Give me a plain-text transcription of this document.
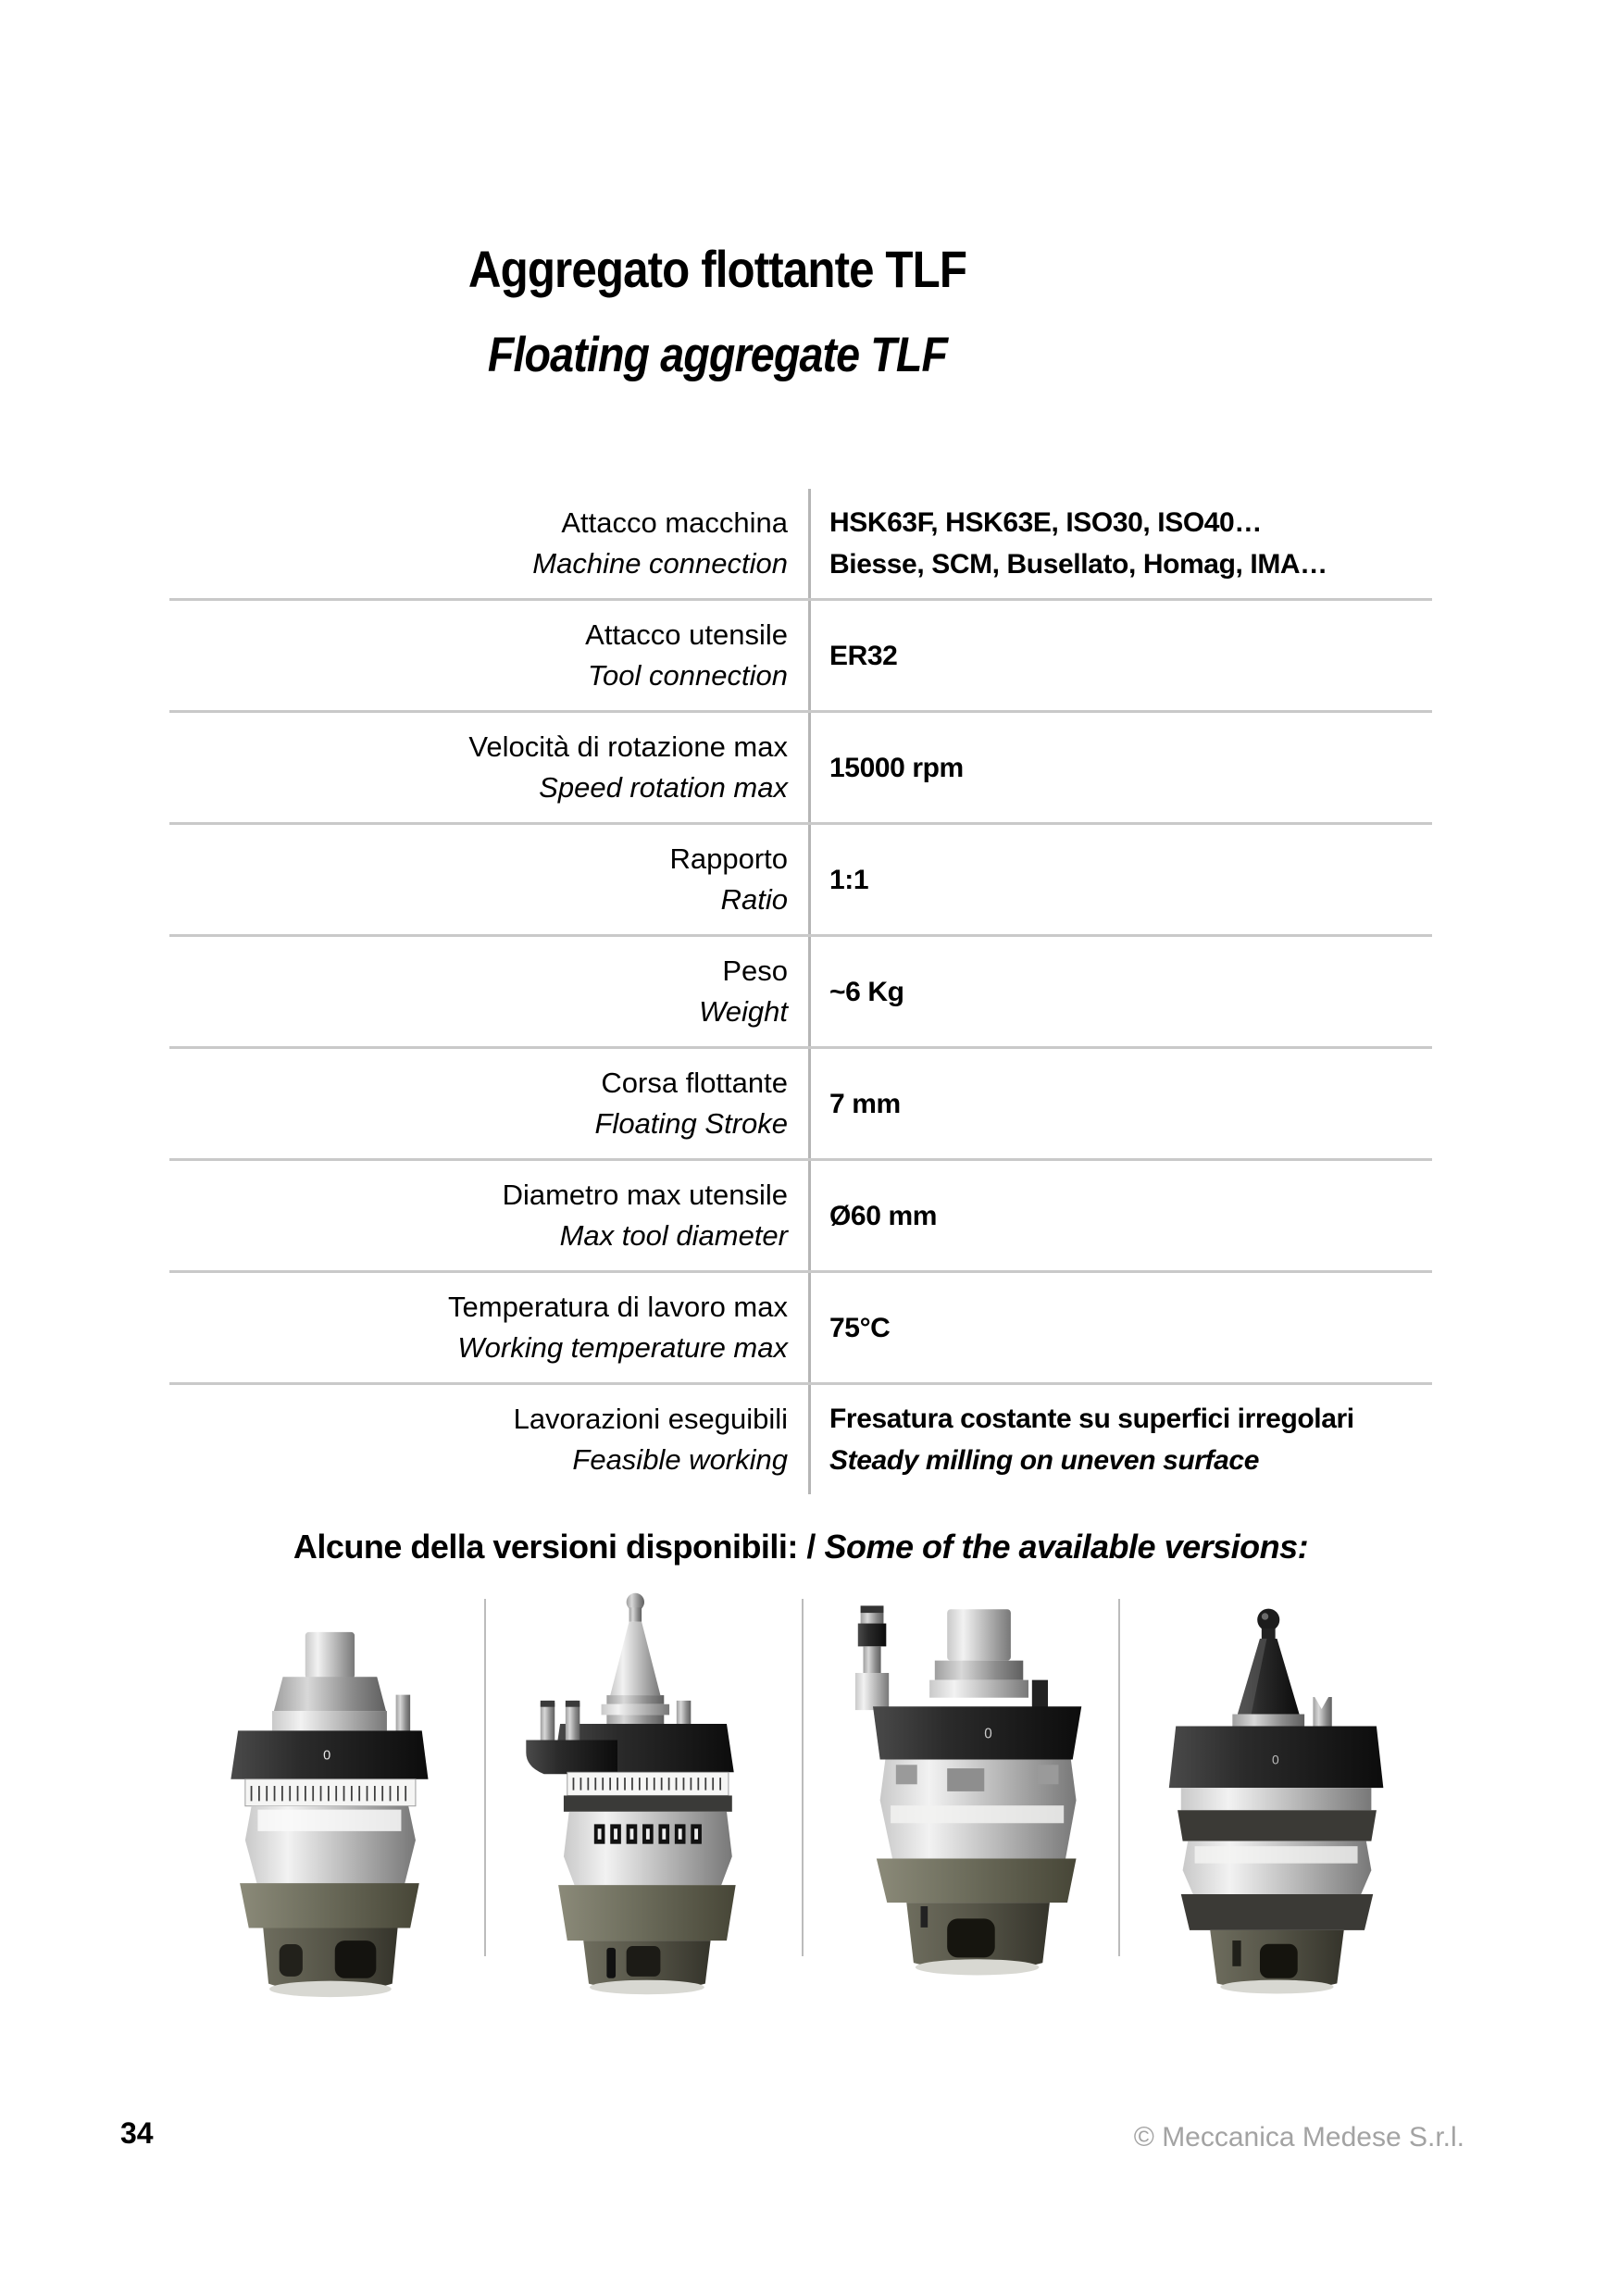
Aggregato flottante TLF
Floating aggregate TLF
Attacco macchina
Machine connection
HSK63F, HSK63E, ISO30, ISO40…
Biesse, SCM, Busellato, Homag, IMA…
Attacco utensile
Tool connection
ER32
Velocità di rotazione max
Speed rotation max
15000 rpm
Rapporto
Ratio
1:1
Peso
Weight
~6 Kg
Corsa flottante
Floating Stroke
7 mm
Diametro max utensile
Max tool diameter
Ø60 mm
Temperatura di lavoro max
Working temperature max
75°C
Lavorazioni eseguibili
Feasible working
Fresatura costante su superfici irregolari
Steady milling on uneven surface
Alcune della versioni disponibili: / Some of the available versions:
0
0
0
34	© Meccanica Medese S.r.l.
